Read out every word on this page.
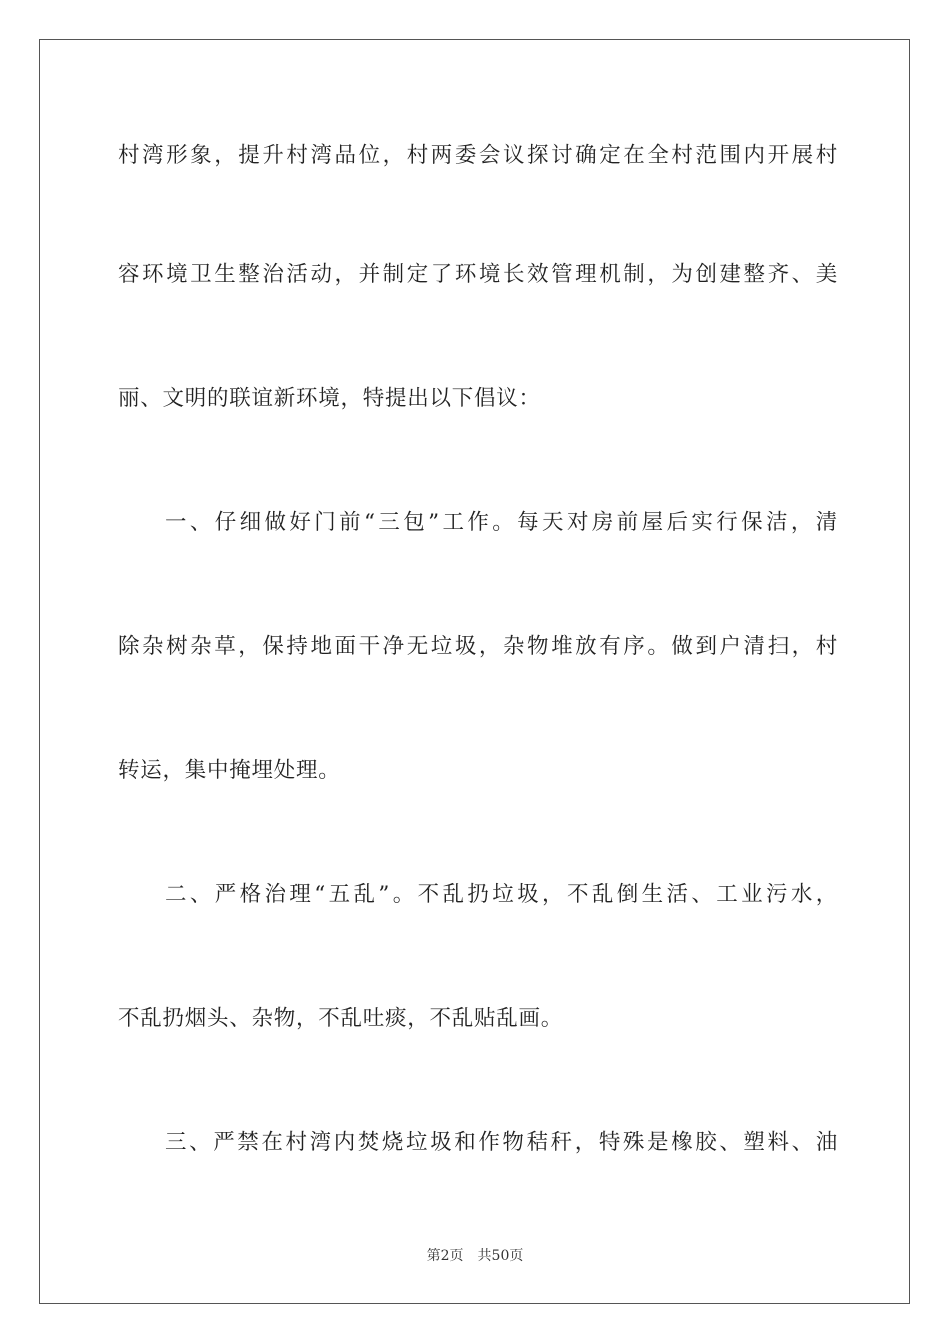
村湾形象，提升村湾品位，村两委会议探讨确定在全村范围内开展村
容环境卫生整治活动，并制定了环境长效管理机制，为创建整齐、美
丽、文明的联谊新环境，特提出以下倡议：
一、仔细做好门前“三包”工作。每天对房前屋后实行保洁，清
除杂树杂草，保持地面干净无垃圾，杂物堆放有序。做到户清扫，村
转运，集中掩埋处理。
二、严格治理“五乱”。不乱扔垃圾，不乱倒生活、工业污水，
不乱扔烟头、杂物，不乱吐痰，不乱贴乱画。
三、严禁在村湾内焚烧垃圾和作物秸秆，特殊是橡胶、塑料、油
第2页 共50页
